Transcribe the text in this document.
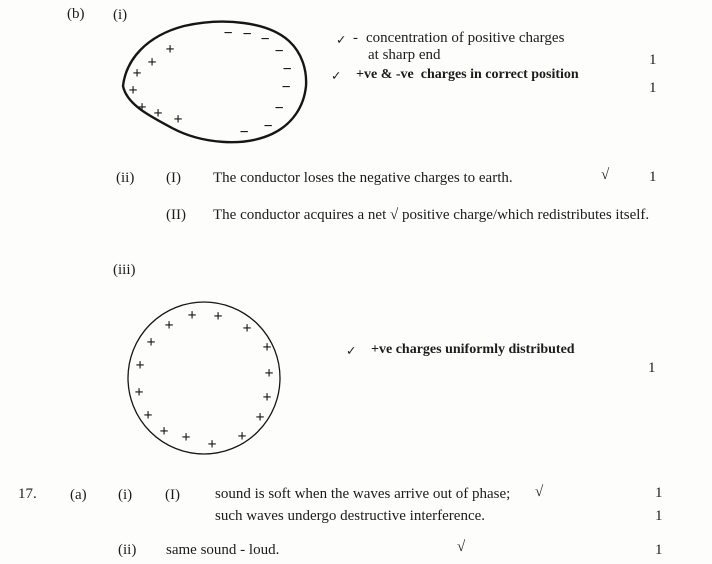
(b) (i)
+
+
+
+
+ + +
− − −
−
−
−
−
−
−
✓ - concentration of positive charges
at sharp end	1
✓ +ve & -ve  charges in correct position
1
(ii) (I) The conductor loses the negative charges to earth.	√	1
(II) The conductor acquires a net √ positive charge/which redistributes itself.
(iii)
+ +
+	+
+	+
+	+
+	+
+	+
+ + + +
✓ +ve charges uniformly distributed
1
17. (a) (i) (I) sound is soft when the waves arrive out of phase; √	1
such waves undergo destructive interference.	1
(ii) same sound - loud.	√	1
